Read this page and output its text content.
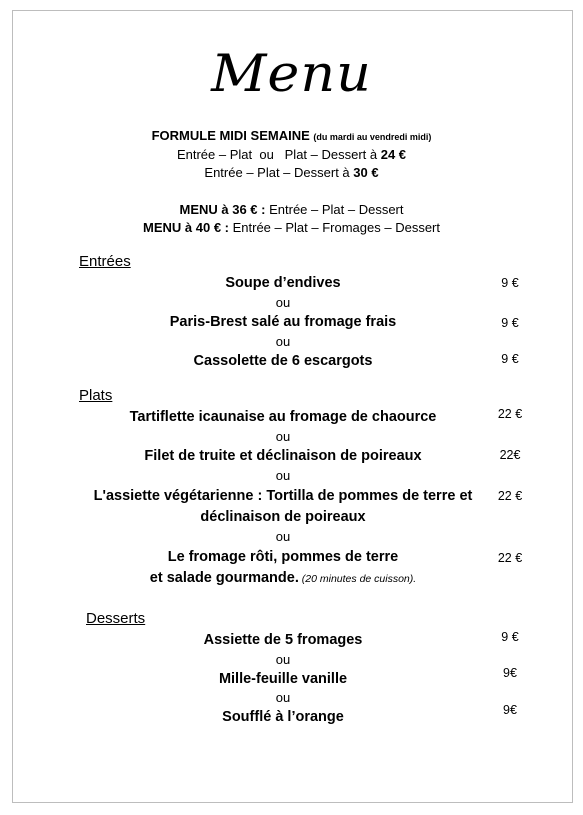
Menu
FORMULE MIDI SEMAINE (du mardi au vendredi midi)
Entrée – Plat  ou   Plat – Dessert à 24 €
Entrée – Plat – Dessert à 30 €
MENU à 36 € : Entrée – Plat – Dessert
MENU à 40 € : Entrée – Plat – Fromages – Dessert
Entrées
Soupe d’endives	9 €
ou
Paris-Brest salé au fromage frais	9 €
ou
Cassolette de 6 escargots	9 €
Plats
Tartiflette icaunaise au fromage de chaource	22 €
ou
Filet de truite et déclinaison de poireaux	22€
ou
L'assiette végétarienne : Tortilla de pommes de terre et
déclinaison de poireaux
22 €
ou
Le fromage rôti, pommes de terre
et salade gourmande. (20 minutes de cuisson).
22 €
Desserts
Assiette de 5 fromages	9 €
ou
Mille-feuille vanille	9€
ou
Soufflé à l’orange	9€
